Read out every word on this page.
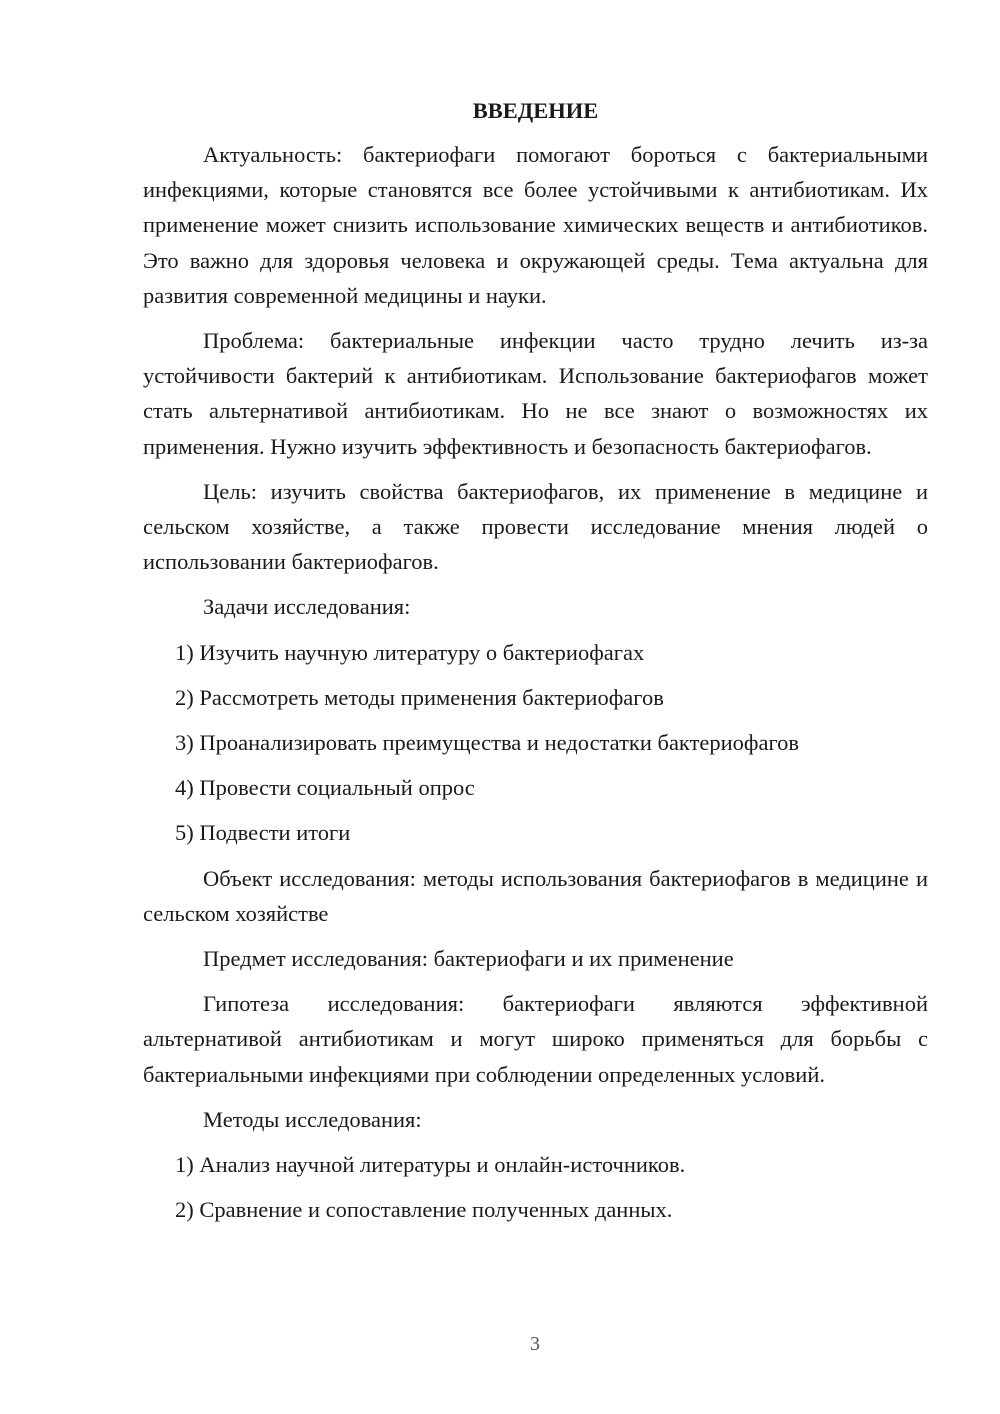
ВВЕДЕНИЕ
Актуальность: бактериофаги помогают бороться с бактериальными инфекциями, которые становятся все более устойчивыми к антибиотикам. Их применение может снизить использование химических веществ и антибиотиков. Это важно для здоровья человека и окружающей среды. Тема актуальна для развития современной медицины и науки.
Проблема: бактериальные инфекции часто трудно лечить из-за устойчивости бактерий к антибиотикам. Использование бактериофагов может стать альтернативой антибиотикам. Но не все знают о возможностях их применения. Нужно изучить эффективность и безопасность бактериофагов.
Цель: изучить свойства бактериофагов, их применение в медицине и сельском хозяйстве, а также провести исследование мнения людей о использовании бактериофагов.
Задачи исследования:
1) Изучить научную литературу о бактериофагах
2) Рассмотреть методы применения бактериофагов
3) Проанализировать преимущества и недостатки бактериофагов
4) Провести социальный опрос
5) Подвести итоги
Объект исследования: методы использования бактериофагов в медицине и сельском хозяйстве
Предмет исследования: бактериофаги и их применение
Гипотеза исследования: бактериофаги являются эффективной альтернативой антибиотикам и могут широко применяться для борьбы с бактериальными инфекциями при соблюдении определенных условий.
Методы исследования:
1) Анализ научной литературы и онлайн-источников.
2) Сравнение и сопоставление полученных данных.
3
